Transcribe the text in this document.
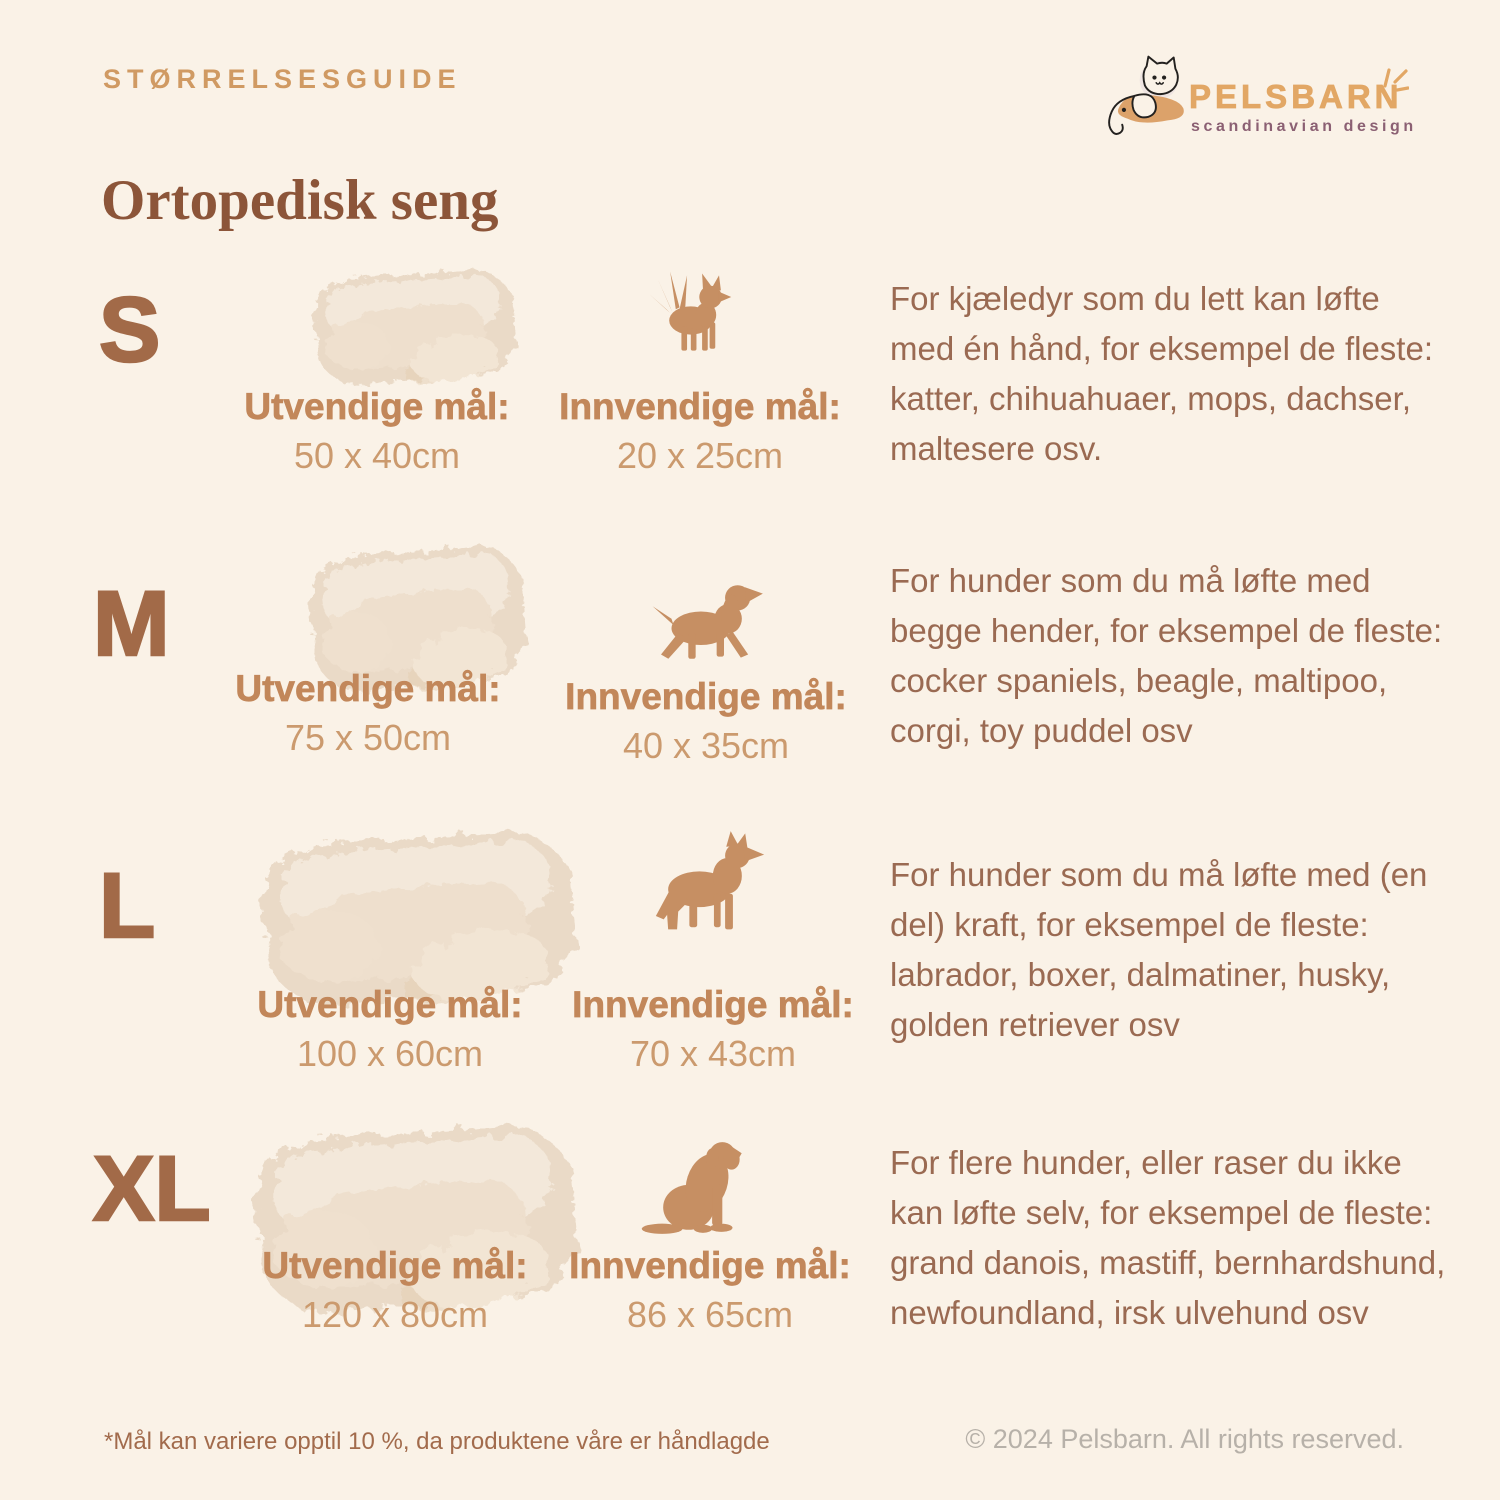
STØRRELSESGUIDE	PELSBARN
scandinavian design
Ortopedisk seng
S
Utvendige mål:
50 x 40cm
Innvendige mål:
20 x 25cm
For kjæledyr som du lett kan løfte med én hånd, for eksempel de fleste: katter, chihuahuaer, mops, dachser, maltesere osv.
M
Utvendige mål:
75 x 50cm
Innvendige mål:
40 x 35cm
For hunder som du må løfte med begge hender, for eksempel de fleste: cocker spaniels, beagle, maltipoo, corgi, toy puddel osv
L
Utvendige mål:
100 x 60cm
Innvendige mål:
70 x 43cm
For hunder som du må løfte med (en del) kraft, for eksempel de fleste: labrador, boxer, dalmatiner, husky, golden retriever osv
XL
Utvendige mål:
120 x 80cm
Innvendige mål:
86 x 65cm
For flere hunder, eller raser du ikke kan løfte selv, for eksempel de fleste: grand danois, mastiff, bernhardshund, newfoundland, irsk ulvehund osv
*Mål kan variere opptil 10 %, da produktene våre er håndlagde	© 2024 Pelsbarn. All rights reserved.
